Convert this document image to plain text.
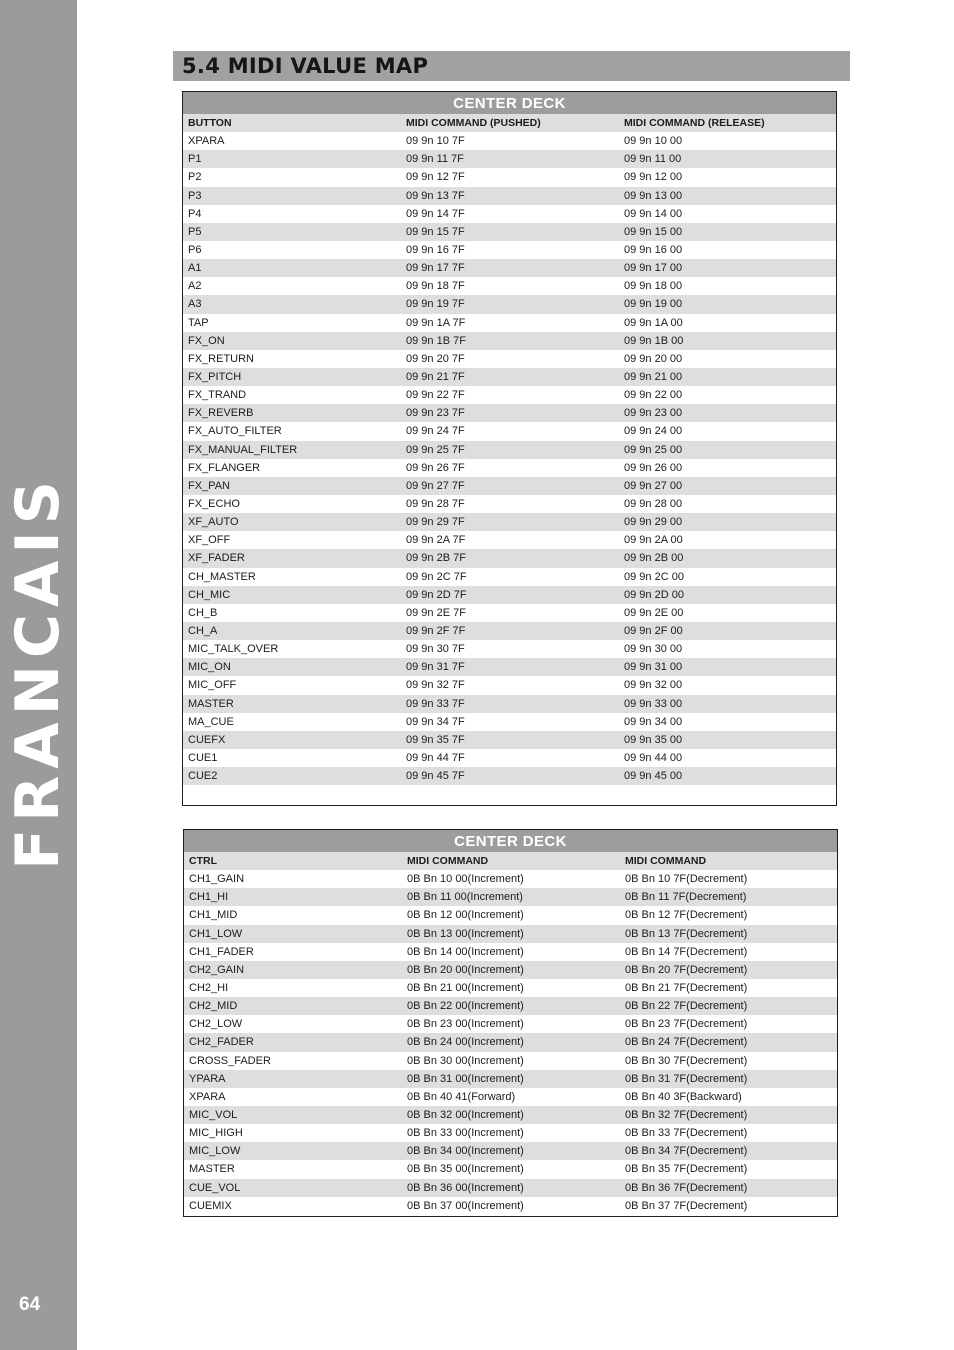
FRANCAIS
64
5.4 MIDI VALUE MAP
CENTER DECK
BUTTON	MIDI COMMAND (PUSHED)	MIDI COMMAND (RELEASE)
XPARA	09 9n 10 7F	09 9n 10 00
P1	09 9n 11 7F	09 9n 11 00
P2	09 9n 12 7F	09 9n 12 00
P3	09 9n 13 7F	09 9n 13 00
P4	09 9n 14 7F	09 9n 14 00
P5	09 9n 15 7F	09 9n 15 00
P6	09 9n 16 7F	09 9n 16 00
A1	09 9n 17 7F	09 9n 17 00
A2	09 9n 18 7F	09 9n 18 00
A3	09 9n 19 7F	09 9n 19 00
TAP	09 9n 1A 7F	09 9n 1A 00
FX_ON	09 9n 1B 7F	09 9n 1B 00
FX_RETURN	09 9n 20 7F	09 9n 20 00
FX_PITCH	09 9n 21 7F	09 9n 21 00
FX_TRAND	09 9n 22 7F	09 9n 22 00
FX_REVERB	09 9n 23 7F	09 9n 23 00
FX_AUTO_FILTER	09 9n 24 7F	09 9n 24 00
FX_MANUAL_FILTER	09 9n 25 7F	09 9n 25 00
FX_FLANGER	09 9n 26 7F	09 9n 26 00
FX_PAN	09 9n 27 7F	09 9n 27 00
FX_ECHO	09 9n 28 7F	09 9n 28 00
XF_AUTO	09 9n 29 7F	09 9n 29 00
XF_OFF	09 9n 2A 7F	09 9n 2A 00
XF_FADER	09 9n 2B 7F	09 9n 2B 00
CH_MASTER	09 9n 2C 7F	09 9n 2C 00
CH_MIC	09 9n 2D 7F	09 9n 2D 00
CH_B	09 9n 2E 7F	09 9n 2E 00
CH_A	09 9n 2F 7F	09 9n 2F 00
MIC_TALK_OVER	09 9n 30 7F	09 9n 30 00
MIC_ON	09 9n 31 7F	09 9n 31 00
MIC_OFF	09 9n 32 7F	09 9n 32 00
MASTER	09 9n 33 7F	09 9n 33 00
MA_CUE	09 9n 34 7F	09 9n 34 00
CUEFX	09 9n 35 7F	09 9n 35 00
CUE1	09 9n 44 7F	09 9n 44 00
CUE2	09 9n 45 7F	09 9n 45 00
CENTER DECK
CTRL	MIDI COMMAND	MIDI COMMAND
CH1_GAIN	0B Bn 10 00(Increment)	0B Bn 10 7F(Decrement)
CH1_HI	0B Bn 11 00(Increment)	0B Bn 11 7F(Decrement)
CH1_MID	0B Bn 12 00(Increment)	0B Bn 12 7F(Decrement)
CH1_LOW	0B Bn 13 00(Increment)	0B Bn 13 7F(Decrement)
CH1_FADER	0B Bn 14 00(Increment)	0B Bn 14 7F(Decrement)
CH2_GAIN	0B Bn 20 00(Increment)	0B Bn 20 7F(Decrement)
CH2_HI	0B Bn 21 00(Increment)	0B Bn 21 7F(Decrement)
CH2_MID	0B Bn 22 00(Increment)	0B Bn 22 7F(Decrement)
CH2_LOW	0B Bn 23 00(Increment)	0B Bn 23 7F(Decrement)
CH2_FADER	0B Bn 24 00(Increment)	0B Bn 24 7F(Decrement)
CROSS_FADER	0B Bn 30 00(Increment)	0B Bn 30 7F(Decrement)
YPARA	0B Bn 31 00(Increment)	0B Bn 31 7F(Decrement)
XPARA	0B Bn 40 41(Forward)	0B Bn 40 3F(Backward)
MIC_VOL	0B Bn 32 00(Increment)	0B Bn 32 7F(Decrement)
MIC_HIGH	0B Bn 33 00(Increment)	0B Bn 33 7F(Decrement)
MIC_LOW	0B Bn 34 00(Increment)	0B Bn 34 7F(Decrement)
MASTER	0B Bn 35 00(Increment)	0B Bn 35 7F(Decrement)
CUE_VOL	0B Bn 36 00(Increment)	0B Bn 36 7F(Decrement)
CUEMIX	0B Bn 37 00(Increment)	0B Bn 37 7F(Decrement)
